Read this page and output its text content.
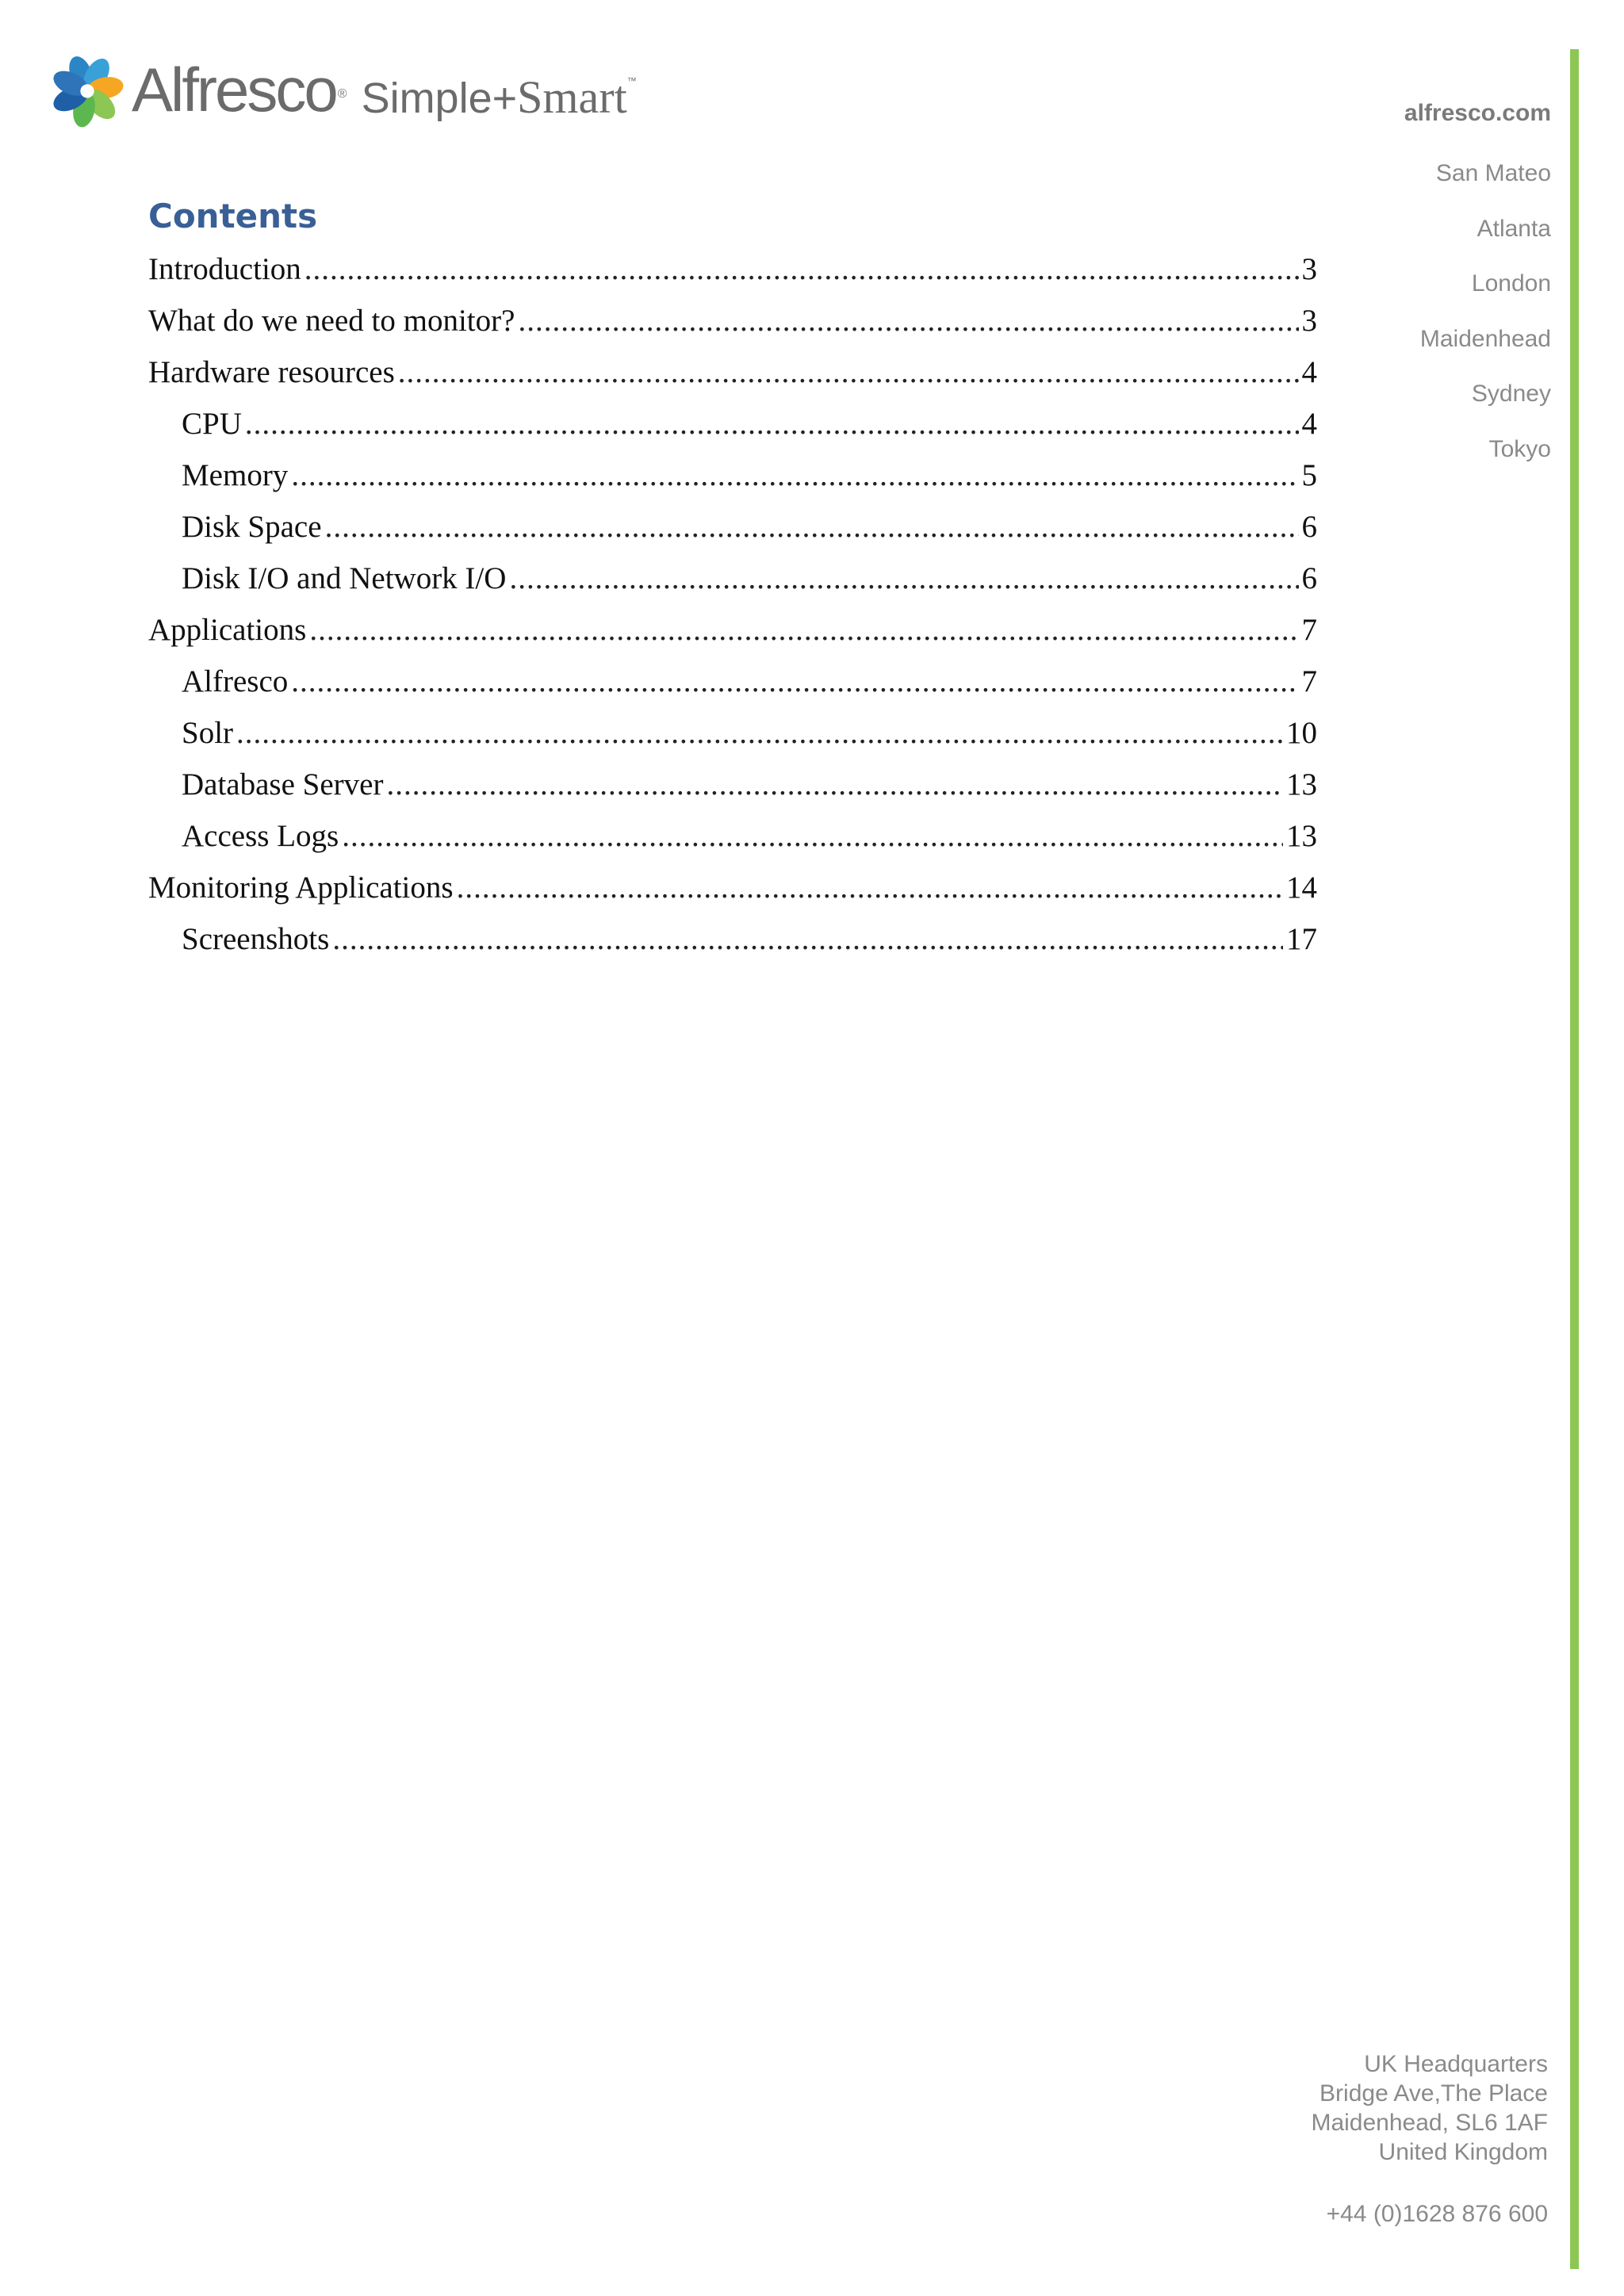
Alfresco ® Simple+Smart™
alfresco.com
San Mateo
Atlanta
London
Maidenhead
Sydney
Tokyo
Contents
Introduction .....	3
What do we need to monitor? .....	3
Hardware resources .....	4
CPU .....	4
Memory .....	5
Disk Space .....	6
Disk I/O and Network I/O .....	6
Applications .....	7
Alfresco .....	7
Solr .....	10
Database Server .....	13
Access Logs .....	13
Monitoring Applications .....	14
Screenshots .....	17
UK Headquarters
Bridge Ave,The Place
Maidenhead, SL6 1AF
United Kingdom
+44 (0)1628 876 600
